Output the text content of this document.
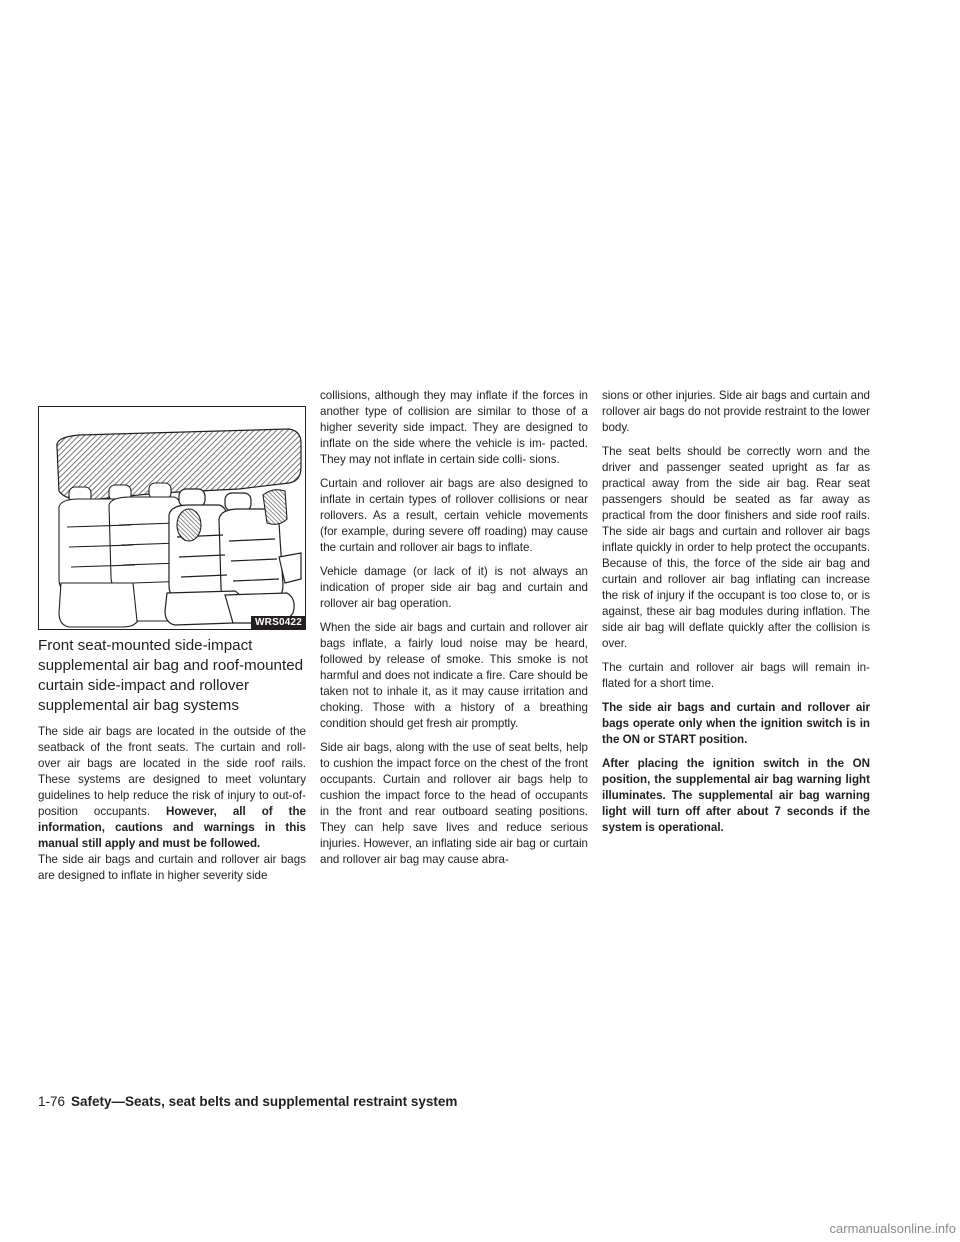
WRS0422
Front seat-mounted side-impact supplemental air bag and roof-mounted curtain side-impact and rollover supplemental air bag systems

The side air bags are located in the outside of the seatback of the front seats. The curtain and roll- over air bags are located in the side roof rails. These systems are designed to meet voluntary guidelines to help reduce the risk of injury to out-of-position occupants. However, all of the information, cautions and warnings in this manual still apply and must be followed.

The side air bags and curtain and rollover air bags are designed to inflate in higher severity side

collisions, although they may inflate if the forces in another type of collision are similar to those of a higher severity side impact. They are designed to inflate on the side where the vehicle is im- pacted. They may not inflate in certain side colli- sions.

Curtain and rollover air bags are also designed to inflate in certain types of rollover collisions or near rollovers. As a result, certain vehicle movements (for example, during severe off roading) may cause the curtain and rollover air bags to inflate.

Vehicle damage (or lack of it) is not always an indication of proper side air bag and curtain and rollover air bag operation.

When the side air bags and curtain and rollover air bags inflate, a fairly loud noise may be heard, followed by release of smoke. This smoke is not harmful and does not indicate a fire. Care should be taken not to inhale it, as it may cause irritation and choking. Those with a history of a breathing condition should get fresh air promptly.

Side air bags, along with the use of seat belts, help to cushion the impact force on the chest of the front occupants. Curtain and rollover air bags help to cushion the impact force to the head of occupants in the front and rear outboard seating positions. They can help save lives and reduce serious injuries. However, an inflating side air bag or curtain and rollover air bag may cause abra-

sions or other injuries. Side air bags and curtain and rollover air bags do not provide restraint to the lower body.

The seat belts should be correctly worn and the driver and passenger seated upright as far as practical away from the side air bag. Rear seat passengers should be seated as far away as practical from the door finishers and side roof rails. The side air bags and curtain and rollover air bags inflate quickly in order to help protect the occupants. Because of this, the force of the side air bag and curtain and rollover air bag inflating can increase the risk of injury if the occupant is too close to, or is against, these air bag modules during inflation. The side air bag will deflate quickly after the collision is over.

The curtain and rollover air bags will remain in- flated for a short time.

The side air bags and curtain and rollover air bags operate only when the ignition switch is in the ON or START position.

After placing the ignition switch in the ON position, the supplemental air bag warning light illuminates. The supplemental air bag warning light will turn off after about 7 seconds if the system is operational.

1-76 Safety—Seats, seat belts and supplemental restraint system
carmanualsonline.info
